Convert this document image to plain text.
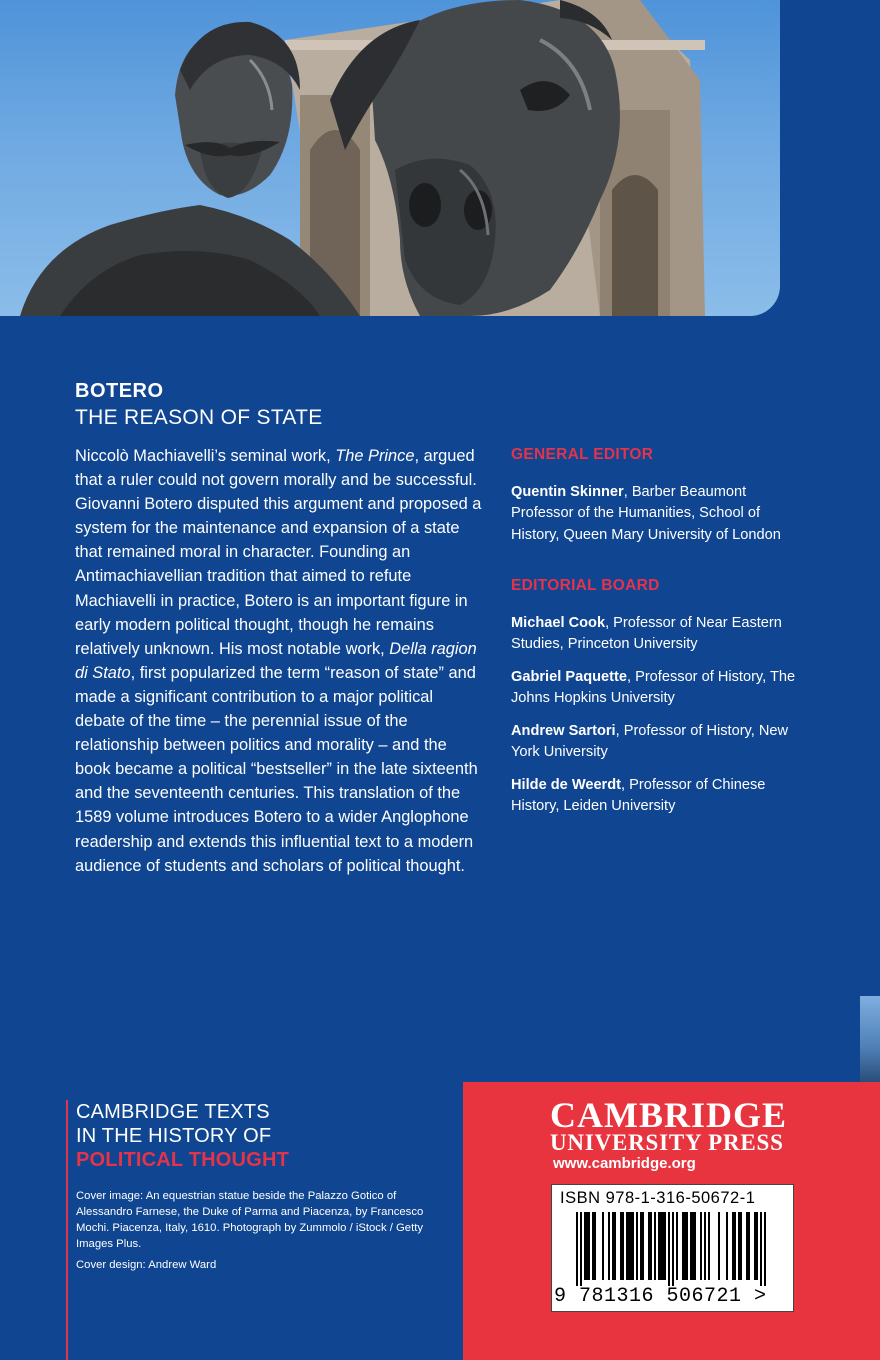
BOTERO
THE REASON OF STATE

Niccolò Machiavelli’s seminal work, The Prince, argued that a ruler could not govern morally and be successful. Giovanni Botero disputed this argument and proposed a system for the maintenance and expansion of a state that remained moral in character. Founding an Antimachiavellian tradition that aimed to refute Machiavelli in practice, Botero is an important figure in early modern political thought, though he remains relatively unknown. His most notable work, Della ragion di Stato, first popularized the term “reason of state” and made a significant contribution to a major political debate of the time – the perennial issue of the relationship between politics and morality – and the book became a political “bestseller” in the late sixteenth and the seventeenth centuries. This translation of the 1589 volume introduces Botero to a wider Anglophone readership and extends this influential text to a modern audience of students and scholars of political thought.

GENERAL EDITOR
Quentin Skinner, Barber Beaumont Professor of the Humanities, School of History, Queen Mary University of London
EDITORIAL BOARD
Michael Cook, Professor of Near Eastern Studies, Princeton University
Gabriel Paquette, Professor of History, The Johns Hopkins University
Andrew Sartori, Professor of History, New York University
Hilde de Weerdt, Professor of Chinese History, Leiden University
CAMBRIDGE TEXTS
IN THE HISTORY OF
POLITICAL THOUGHT
Cover image: An equestrian statue beside the Palazzo Gotico of Alessandro Farnese, the Duke of Parma and Piacenza, by Francesco Mochi. Piacenza, Italy, 1610. Photograph by Zummolo / iStock / Getty Images Plus.
Cover design: Andrew Ward
CAMBRIDGE
UNIVERSITY PRESS
www.cambridge.org
ISBN 978-1-316-50672-1
9 781316 506721 >
